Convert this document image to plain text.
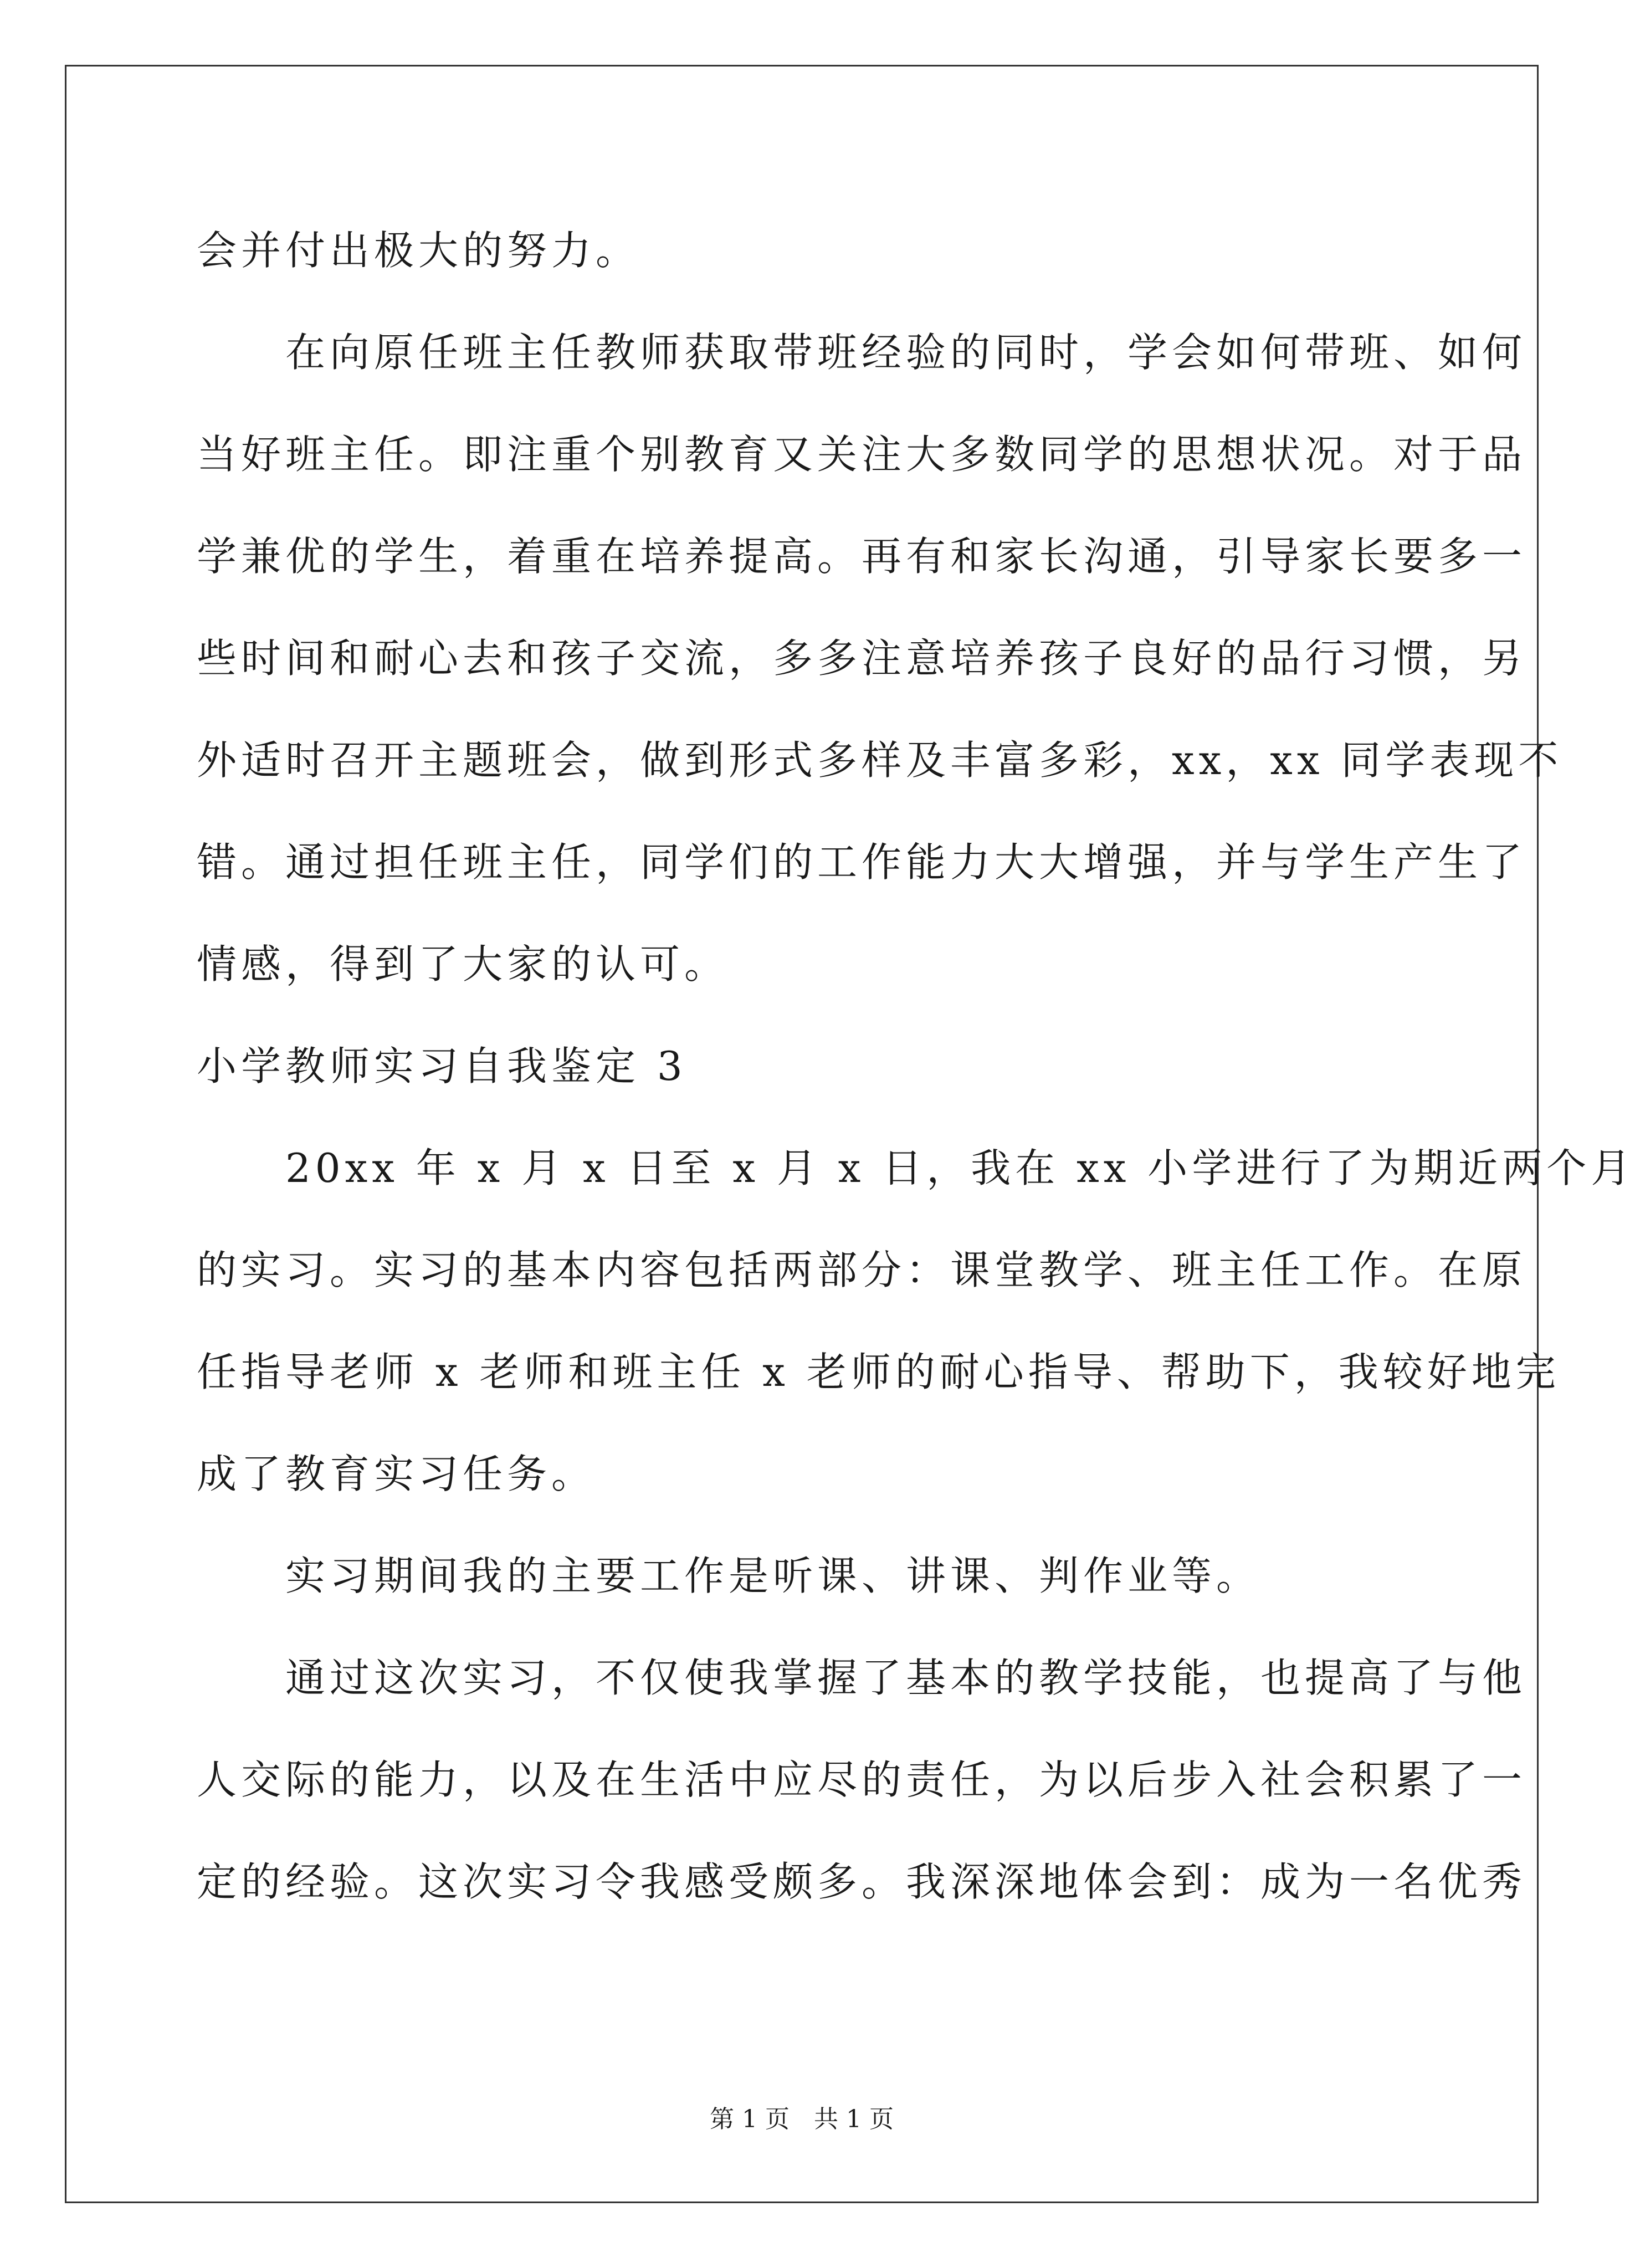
会并付出极大的努力。
　　在向原任班主任教师获取带班经验的同时，学会如何带班、如何
当好班主任。即注重个别教育又关注大多数同学的思想状况。对于品
学兼优的学生，着重在培养提高。再有和家长沟通，引导家长要多一
些时间和耐心去和孩子交流，多多注意培养孩子良好的品行习惯，另
外适时召开主题班会，做到形式多样及丰富多彩，xx，xx 同学表现不
错。通过担任班主任，同学们的工作能力大大增强，并与学生产生了
情感，得到了大家的认可。
小学教师实习自我鉴定 3
　　20xx 年 x 月 x 日至 x 月 x 日，我在 xx 小学进行了为期近两个月
的实习。实习的基本内容包括两部分：课堂教学、班主任工作。在原
任指导老师 x 老师和班主任 x 老师的耐心指导、帮助下，我较好地完
成了教育实习任务。
　　实习期间我的主要工作是听课、讲课、判作业等。
　　通过这次实习，不仅使我掌握了基本的教学技能，也提高了与他
人交际的能力，以及在生活中应尽的责任，为以后步入社会积累了一
定的经验。这次实习令我感受颇多。我深深地体会到：成为一名优秀
第 1 页　共 1 页
